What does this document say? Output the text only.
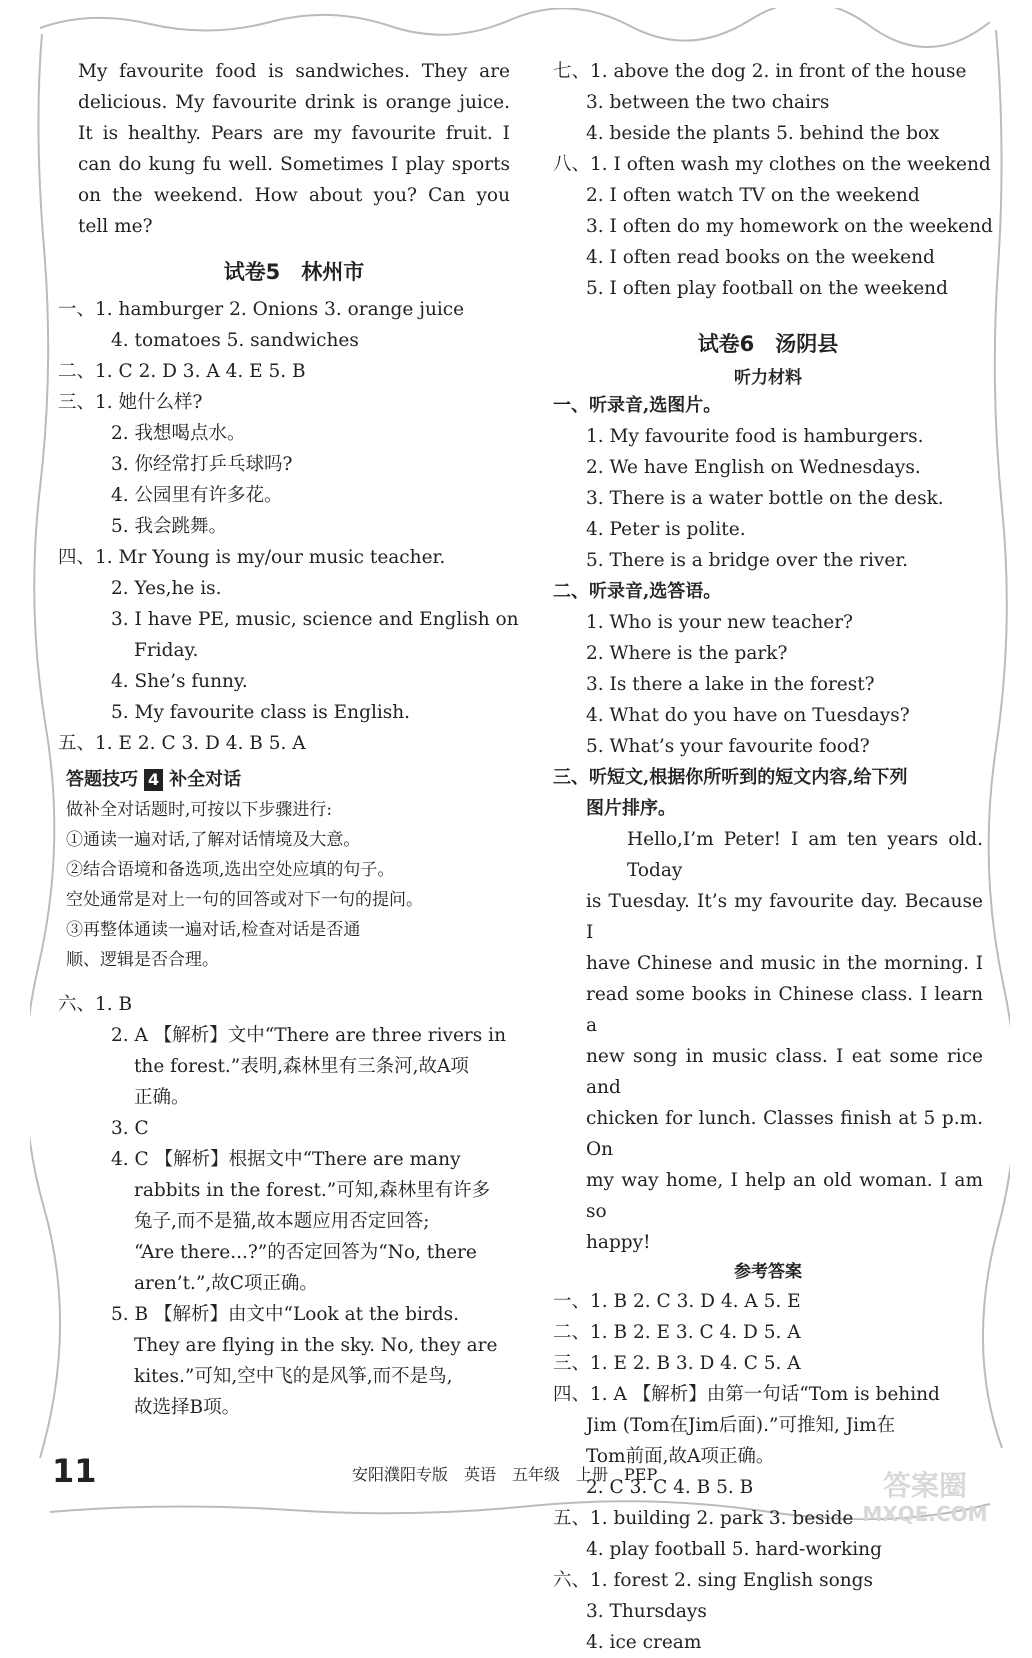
My favourite food is sandwiches. They are
delicious. My favourite drink is orange juice.
It is healthy. Pears are my favourite fruit. I
can do kung fu well. Sometimes I play sports
on the weekend. How about you? Can you
tell me?
试卷5　林州市
一、1. hamburger 2. Onions 3. orange juice
4. tomatoes 5. sandwiches
二、1. C 2. D 3. A 4. E 5. B
三、1. 她什么样?
2. 我想喝点水。
3. 你经常打乒乓球吗?
4. 公园里有许多花。
5. 我会跳舞。
四、1. Mr Young is my/our music teacher.
2. Yes,he is.
3. I have PE, music, science and English on
Friday.
4. She’s funny.
5. My favourite class is English.
五、1. E 2. C 3. D 4. B 5. A
答题技巧 4 补全对话
做补全对话题时,可按以下步骤进行:
①通读一遍对话,了解对话情境及大意。
②结合语境和备选项,选出空处应填的句子。
空处通常是对上一句的回答或对下一句的提问。
③再整体通读一遍对话,检查对话是否通
顺、逻辑是否合理。
六、1. B
2. A 【解析】文中“There are three rivers in
the forest.”表明,森林里有三条河,故A项
正确。
3. C
4. C 【解析】根据文中“There are many
rabbits in the forest.”可知,森林里有许多
兔子,而不是猫,故本题应用否定回答;
“Are there...?”的否定回答为“No, there
aren’t.”,故C项正确。
5. B 【解析】由文中“Look at the birds.
They are flying in the sky. No, they are
kites.”可知,空中飞的是风筝,而不是鸟,
故选择B项。
七、1. above the dog 2. in front of the house
3. between the two chairs
4. beside the plants 5. behind the box
八、1. I often wash my clothes on the weekend
2. I often watch TV on the weekend
3. I often do my homework on the weekend
4. I often read books on the weekend
5. I often play football on the weekend
试卷6　汤阴县
听力材料
一、听录音,选图片。
1. My favourite food is hamburgers.
2. We have English on Wednesdays.
3. There is a water bottle on the desk.
4. Peter is polite.
5. There is a bridge over the river.
二、听录音,选答语。
1. Who is your new teacher?
2. Where is the park?
3. Is there a lake in the forest?
4. What do you have on Tuesdays?
5. What’s your favourite food?
三、听短文,根据你所听到的短文内容,给下列
图片排序。
Hello,I’m Peter! I am ten years old. Today
is Tuesday. It’s my favourite day. Because I
have Chinese and music in the morning. I
read some books in Chinese class. I learn a
new song in music class. I eat some rice and
chicken for lunch. Classes finish at 5 p.m. On
my way home, I help an old woman. I am so
happy!
参考答案
一、1. B 2. C 3. D 4. A 5. E
二、1. B 2. E 3. C 4. D 5. A
三、1. E 2. B 3. D 4. C 5. A
四、1. A 【解析】由第一句话“Tom is behind
Jim (Tom在Jim后面).”可推知, Jim在
Tom前面,故A项正确。
2. C 3. C 4. B 5. B
五、1. building 2. park 3. beside
4. play football 5. hard-working
六、1. forest 2. sing English songs
3. Thursdays
4. ice cream
11	安阳濮阳专版　英语　五年级　上册　PEP	答案圈
MXQE.COM
